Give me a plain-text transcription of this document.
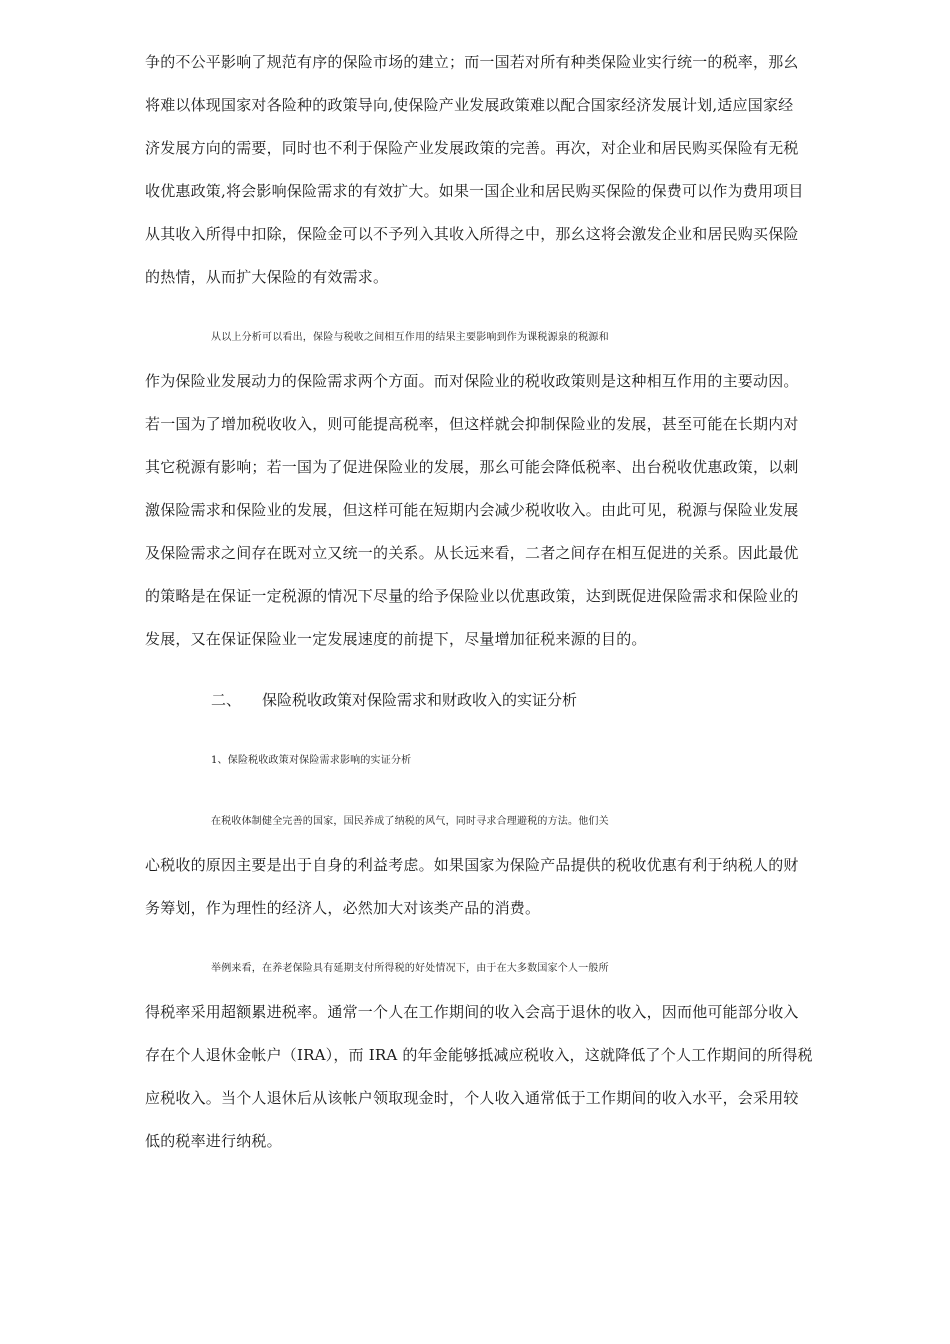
争的不公平影响了规范有序的保险市场的建立；而一国若对所有种类保险业实行统一的税率，那幺
将难以体现国家对各险种的政策导向,使保险产业发展政策难以配合国家经济发展计划,适应国家经
济发展方向的需要，同时也不利于保险产业发展政策的完善。再次，对企业和居民购买保险有无税
收优惠政策,将会影响保险需求的有效扩大。如果一国企业和居民购买保险的保费可以作为费用项目
从其收入所得中扣除，保险金可以不予列入其收入所得之中，那幺这将会激发企业和居民购买保险
的热情，从而扩大保险的有效需求。
从以上分析可以看出，保险与税收之间相互作用的结果主要影响到作为课税源泉的税源和
作为保险业发展动力的保险需求两个方面。而对保险业的税收政策则是这种相互作用的主要动因。
若一国为了增加税收收入，则可能提高税率，但这样就会抑制保险业的发展，甚至可能在长期内对
其它税源有影响；若一国为了促进保险业的发展，那幺可能会降低税率、出台税收优惠政策，以刺
激保险需求和保险业的发展，但这样可能在短期内会减少税收收入。由此可见，税源与保险业发展
及保险需求之间存在既对立又统一的关系。从长远来看，二者之间存在相互促进的关系。因此最优
的策略是在保证一定税源的情况下尽量的给予保险业以优惠政策，达到既促进保险需求和保险业的
发展，又在保证保险业一定发展速度的前提下，尽量增加征税来源的目的。
二、 保险税收政策对保险需求和财政收入的实证分析
1、保险税收政策对保险需求影响的实证分析
在税收体制健全完善的国家，国民养成了纳税的风气，同时寻求合理避税的方法。他们关
心税收的原因主要是出于自身的利益考虑。如果国家为保险产品提供的税收优惠有利于纳税人的财
务筹划，作为理性的经济人，必然加大对该类产品的消费。
举例来看，在养老保险具有延期支付所得税的好处情况下，由于在大多数国家个人一般所
得税率采用超额累进税率。通常一个人在工作期间的收入会高于退休的收入，因而他可能部分收入
存在个人退休金帐户（IRA），而 IRA 的年金能够抵减应税收入，这就降低了个人工作期间的所得税
应税收入。当个人退休后从该帐户领取现金时，个人收入通常低于工作期间的收入水平，会采用较
低的税率进行纳税。
